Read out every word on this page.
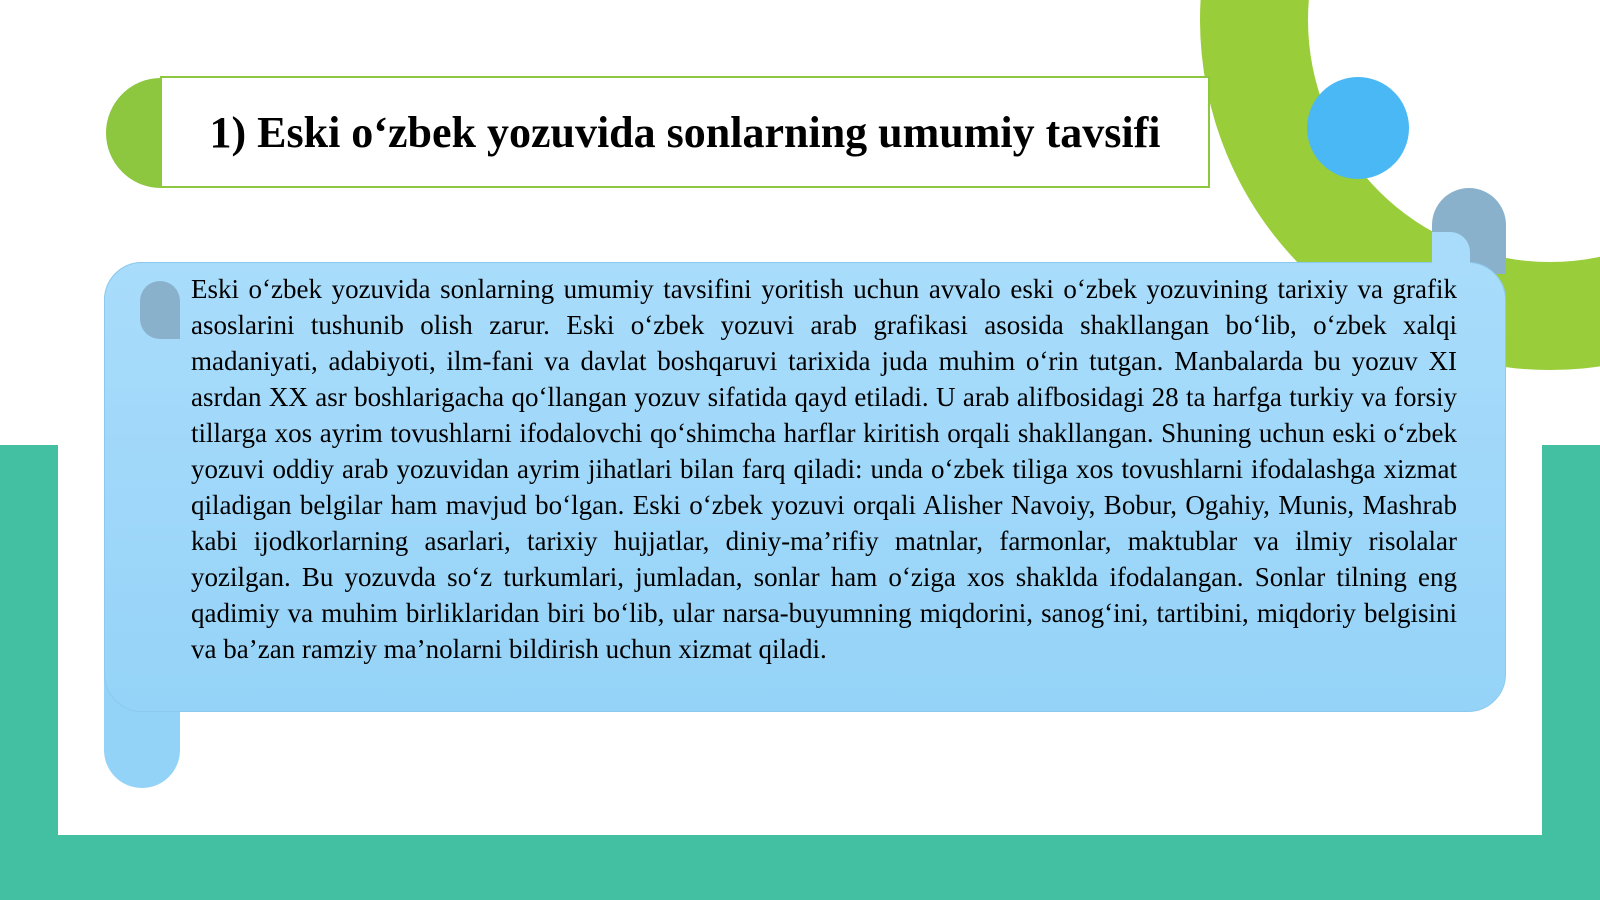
1) Eski o‘zbek yozuvida sonlarning umumiy tavsifi

Eski o‘zbek yozuvida sonlarning umumiy tavsifini yoritish uchun avvalo eski o‘zbek yozuvining tarixiy va grafik asoslarini tushunib olish zarur. Eski o‘zbek yozuvi arab grafikasi asosida shakllangan bo‘lib, o‘zbek xalqi madaniyati, adabiyoti, ilm-fani va davlat boshqaruvi tarixida juda muhim o‘rin tutgan. Manbalarda bu yozuv XI asrdan XX asr boshlarigacha qo‘llangan yozuv sifatida qayd etiladi. U arab alifbosidagi 28 ta harfga turkiy va forsiy tillarga xos ayrim tovushlarni ifodalovchi qo‘shimcha harflar kiritish orqali shakllangan. Shuning uchun eski o‘zbek yozuvi oddiy arab yozuvidan ayrim jihatlari bilan farq qiladi: unda o‘zbek tiliga xos tovushlarni ifodalashga xizmat qiladigan belgilar ham mavjud bo‘lgan. Eski o‘zbek yozuvi orqali Alisher Navoiy, Bobur, Ogahiy, Munis, Mashrab kabi ijodkorlarning asarlari, tarixiy hujjatlar, diniy-ma’rifiy matnlar, farmonlar, maktublar va ilmiy risolalar yozilgan. Bu yozuvda so‘z turkumlari, jumladan, sonlar ham o‘ziga xos shaklda ifodalangan. Sonlar tilning eng qadimiy va muhim birliklaridan biri bo‘lib, ular narsa-buyumning miqdorini, sanog‘ini, tartibini, miqdoriy belgisini va ba’zan ramziy ma’nolarni bildirish uchun xizmat qiladi.
